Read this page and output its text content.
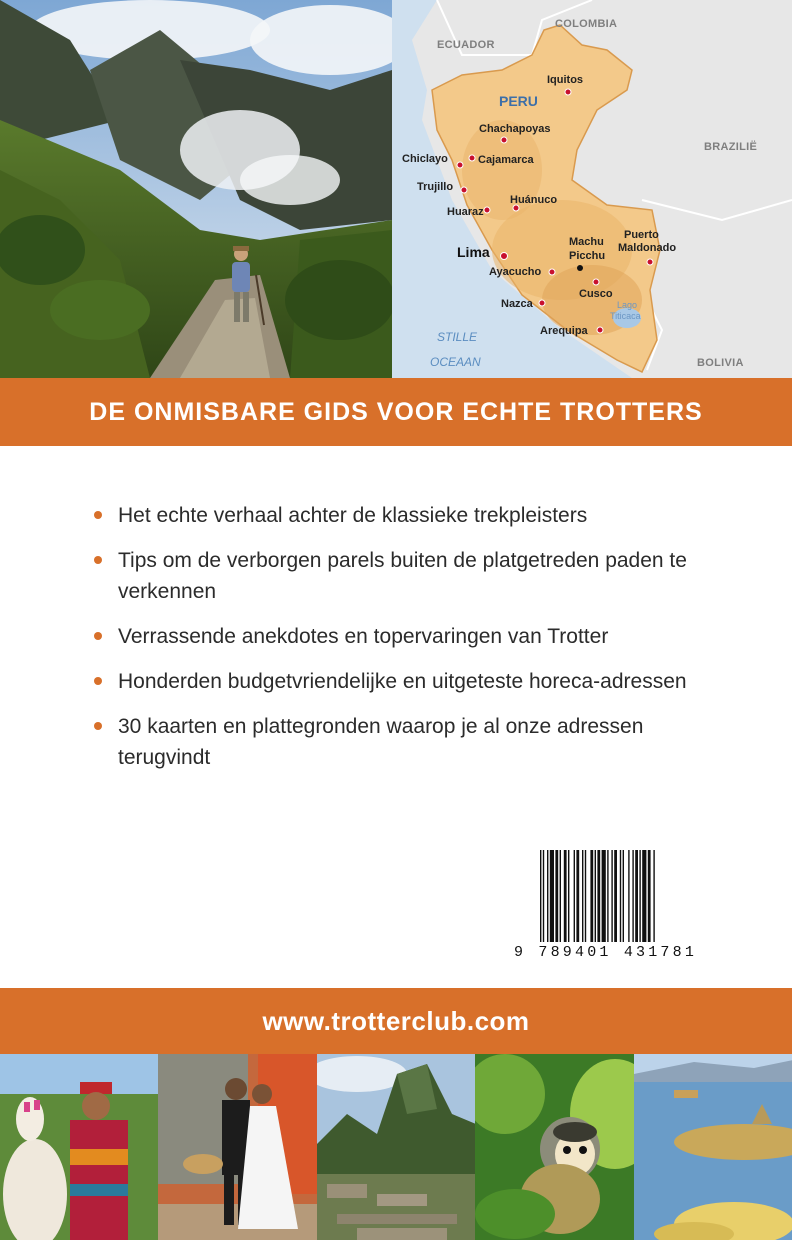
COLOMBIA
ECUADOR
BRAZILIË
BOLIVIA
PERU
STILLE
OCEAAN
Iquitos
Chachapoyas
Chiclayo	Cajamarca
Trujillo
Huaraz
Huánuco
Lima
Machu
Picchu
Puerto
Maldonado
Ayacucho
Cusco
Nazca
Arequipa
Lago
Titicaca
DE ONMISBARE GIDS VOOR ECHTE TROTTERS
Het echte verhaal achter de klassieke trekpleisters
Tips om de verborgen parels buiten de platgetreden paden te verkennen
Verrassende anekdotes en topervaringen van Trotter
Honderden budgetvriendelijke en uitgeteste horeca-adressen
30 kaarten en plattegronden waarop je al onze adressen terugvindt
9 789401 431781
www.trotterclub.com
